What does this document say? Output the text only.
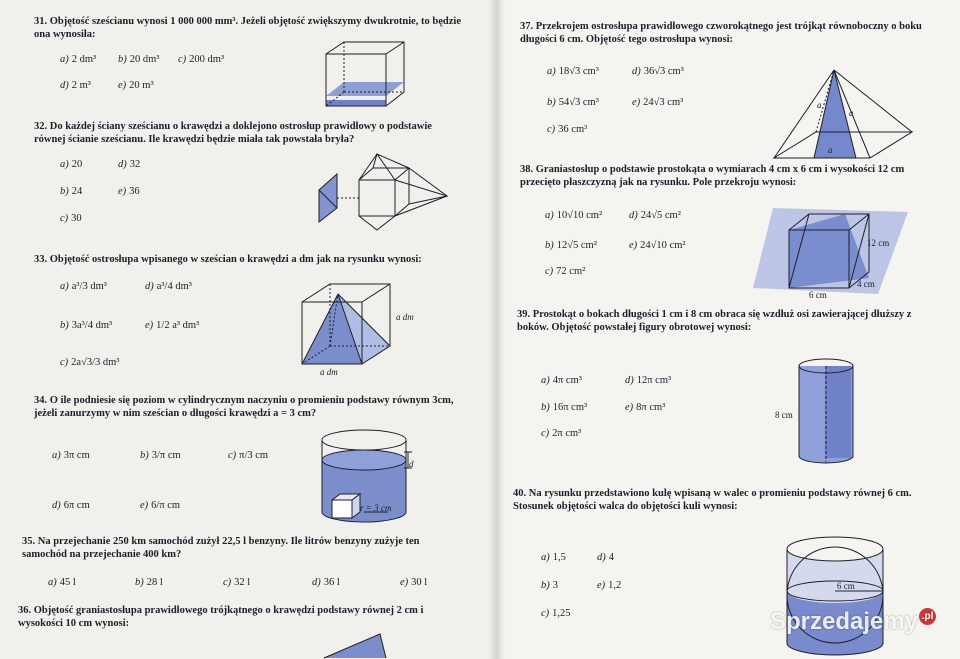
31. Objętość sześcianu wynosi 1 000 000 mm³. Jeżeli objętość zwiększymy dwukrotnie, to będzie ona wynosiła:
a) 2 dm³ b) 20 dm³ c) 200 dm³
d) 2 m³	e) 20 m³
32. Do każdej ściany sześcianu o krawędzi a doklejono ostrosłup prawidłowy o podstawie równej ścianie sześcianu. Ile krawędzi będzie miała tak powstała bryła?
a) 20	d) 32
b) 24	e) 36
c) 30
33. Objętość ostrosłupa wpisanego w sześcian o krawędzi a dm jak na rysunku wynosi:
a) a³/3 dm³	d) a³/4 dm³
b) 3a³/4 dm³	e) 1/2 a³ dm³
c) 2a√3/3 dm³
a dm
a dm
34. O ile podniesie się poziom w cylindrycznym naczyniu o promieniu podstawy równym 3cm, jeżeli zanurzymy w nim sześcian o długości krawędzi a = 3 cm?
a) 3π cm	b) 3/π cm	c) π/3 cm
d) 6π cm	e) 6/π cm
d
r = 3 cm
35. Na przejechanie 250 km samochód zużył 22,5 l benzyny. Ile litrów benzyny zużyje ten samochód na przejechanie 400 km?
a) 45 l	b) 28 l	c) 32 l	d) 36 l	e) 30 l
36. Objętość graniastosłupa prawidłowego trójkątnego o krawędzi podstawy równej 2 cm i wysokości 10 cm wynosi:
37. Przekrojem ostrosłupa prawidłowego czworokątnego jest trójkąt równoboczny o boku długości 6 cm. Objętość tego ostrosłupa wynosi:
a) 18√3 cm³	d) 36√3 cm³
b) 54√3 cm³	e) 24√3 cm³
c) 36 cm³
a
a
a
38. Graniastosłup o podstawie prostokąta o wymiarach 4 cm x 6 cm i wysokości 12 cm przecięto płaszczyzną jak na rysunku. Pole przekroju wynosi:
a) 10√10 cm²	d) 24√5 cm²
b) 12√5 cm²	e) 24√10 cm²
c) 72 cm²
12 cm
4 cm
6 cm
39. Prostokąt o bokach długości 1 cm i 8 cm obraca się wzdłuż osi zawierającej dłuższy z boków. Objętość powstałej figury obrotowej wynosi:
a) 4π cm³	d) 12π cm³
b) 16π cm³	e) 8π cm³
c) 2π cm³
8 cm
40. Na rysunku przedstawiono kulę wpisaną w walec o promieniu podstawy równej 6 cm. Stosunek objętości walca do objętości kuli wynosi:
a) 1,5	d) 4
b) 3	e) 1,2
c) 1,25
6 cm
Sprzedajemy .pl
